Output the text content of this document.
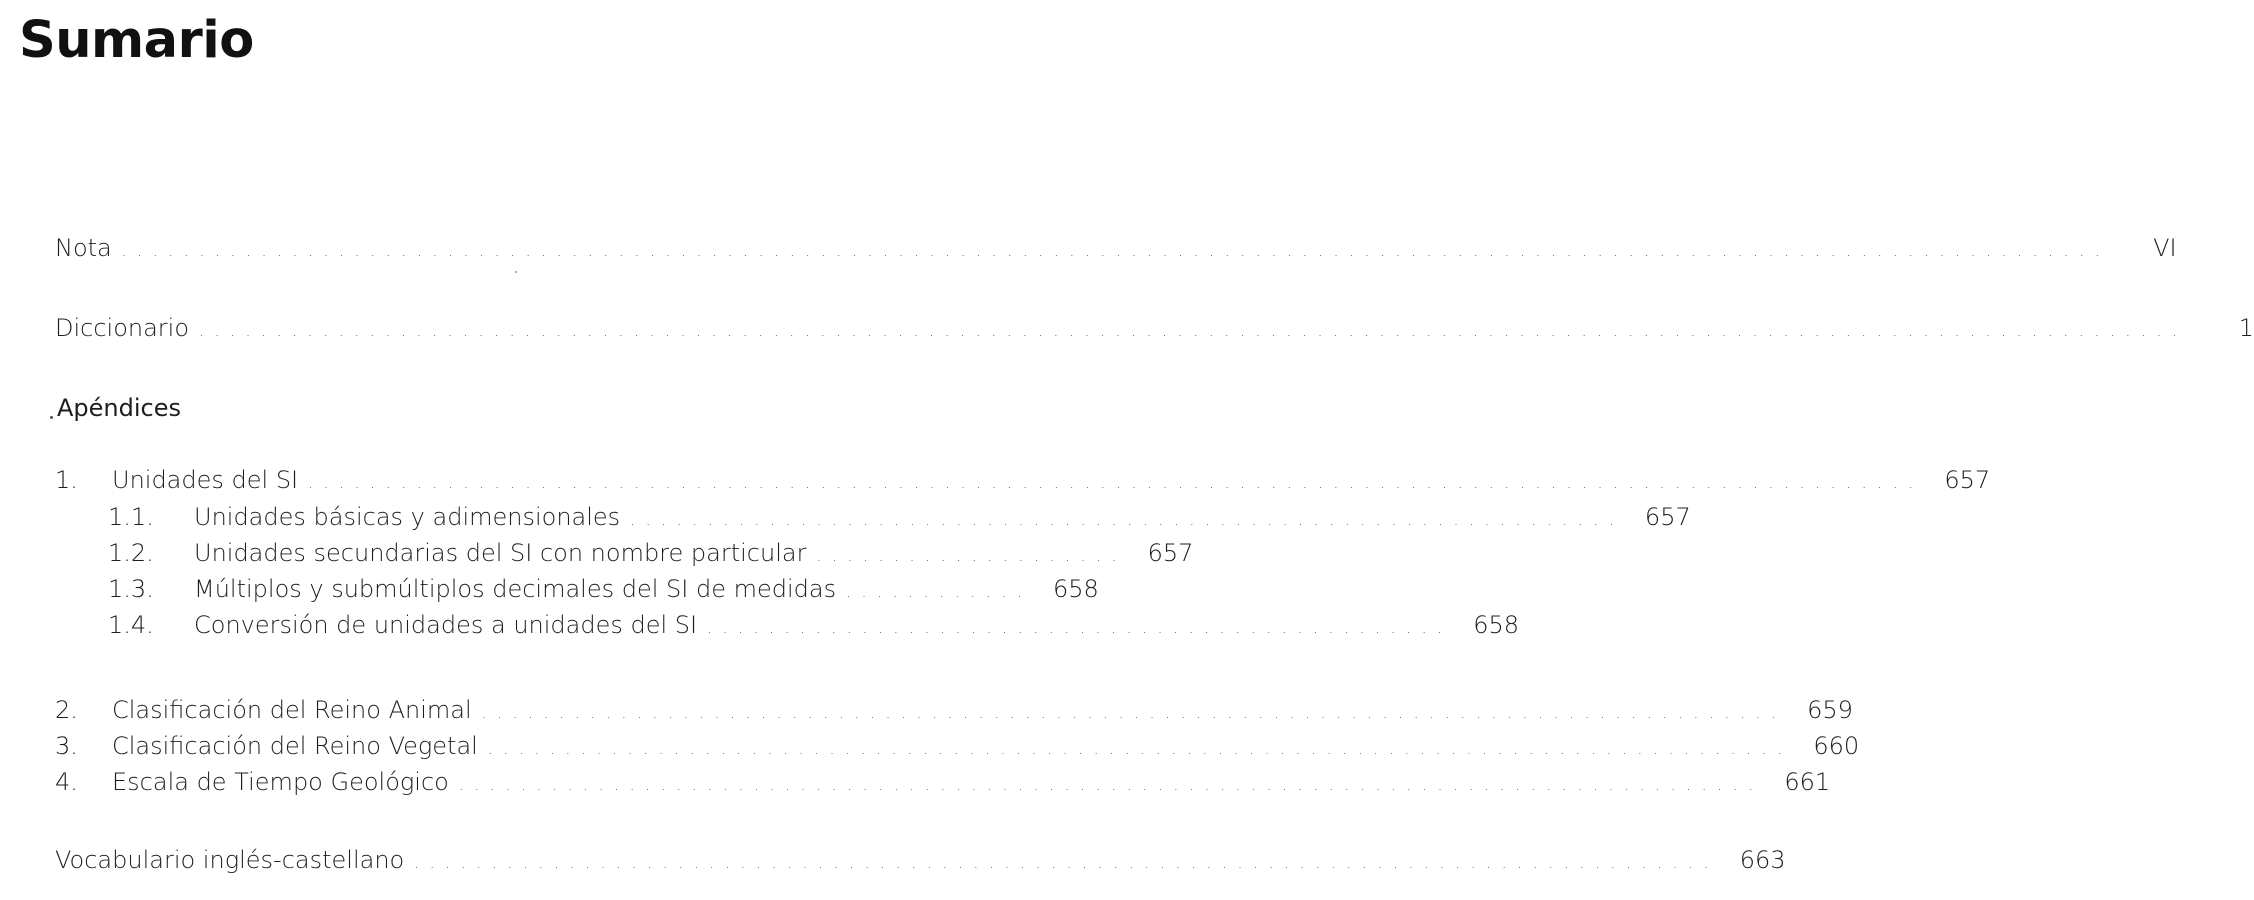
Sumario
Nota . . . . . . . . . . . . . . . . . . . . . . . . . . . . . . . . . . . . . . . . . . . . . . . . . . . . . . . . . . . . . . . . . . . . . . . . . . . . . . . . . . . . . . . . . . . . . . . . . . . . . . . . . . . . . . . . . . . . . . . . . . . . . . . .	VI
Diccionario . . . . . . . . . . . . . . . . . . . . . . . . . . . . . . . . . . . . . . . . . . . . . . . . . . . . . . . . . . . . . . . . . . . . . . . . . . . . . . . . . . . . . . . . . . . . . . . . . . . . . . . . . . . . . . . . . . . . . . . . . . . . . . . .	1
Apéndices
1.	Unidades del SI . . . . . . . . . . . . . . . . . . . . . . . . . . . . . . . . . . . . . . . . . . . . . . . . . . . . . . . . . . . . . . . . . . . . . . . . . . . . . . . . . . . . . . . . . . . . . . . . . . . . . . . .	657
1.1.	Unidades básicas y adimensionales . . . . . . . . . . . . . . . . . . . . . . . . . . . . . . . . . . . . . . . . . . . . . . . . . . . . . . . . . . . . . . . .	657
1.2.	Unidades secundarias del SI con nombre particular . . . . . . . . . . . . . . . . . . . .	657
1.3.	Múltiplos y submúltiplos decimales del SI de medidas . . . . . . . . . . . .	658
1.4.	Conversión de unidades a unidades del SI . . . . . . . . . . . . . . . . . . . . . . . . . . . . . . . . . . . . . . . . . . . . . . . .	658
2.	Clasificación del Reino Animal . . . . . . . . . . . . . . . . . . . . . . . . . . . . . . . . . . . . . . . . . . . . . . . . . . . . . . . . . . . . . . . . . . . . . . . . . . . . . . . . . . . .	659
3.	Clasificación del Reino Vegetal . . . . . . . . . . . . . . . . . . . . . . . . . . . . . . . . . . . . . . . . . . . . . . . . . . . . . . . . . . . . . . . . . . . . . . . . . . . . . . . . . . . .	660
4.	Escala de Tiempo Geológico . . . . . . . . . . . . . . . . . . . . . . . . . . . . . . . . . . . . . . . . . . . . . . . . . . . . . . . . . . . . . . . . . . . . . . . . . . . . . . . . . . . .	661
Vocabulario inglés-castellano . . . . . . . . . . . . . . . . . . . . . . . . . . . . . . . . . . . . . . . . . . . . . . . . . . . . . . . . . . . . . . . . . . . . . . . . . . . . . . . . . . . .	663
